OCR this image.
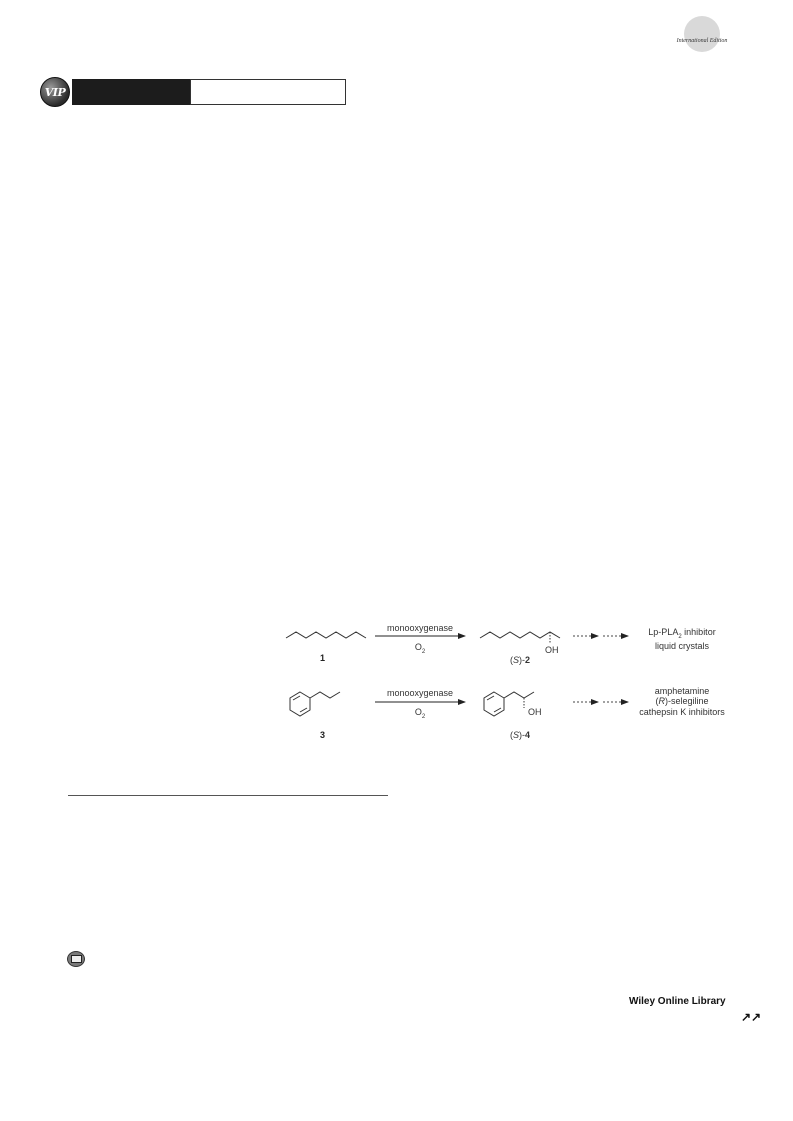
International Edition
VIP
monooxygenase
$O_2$
1
OH
(S)-2
$Lp-PLA_2$ inhibitor
liquid crystals
monooxygenase
$O_2$
3
OH
(S)-4
amphetamine
(R)-selegiline
cathepsin K inhibitors
Wiley Online Library
↗↗
